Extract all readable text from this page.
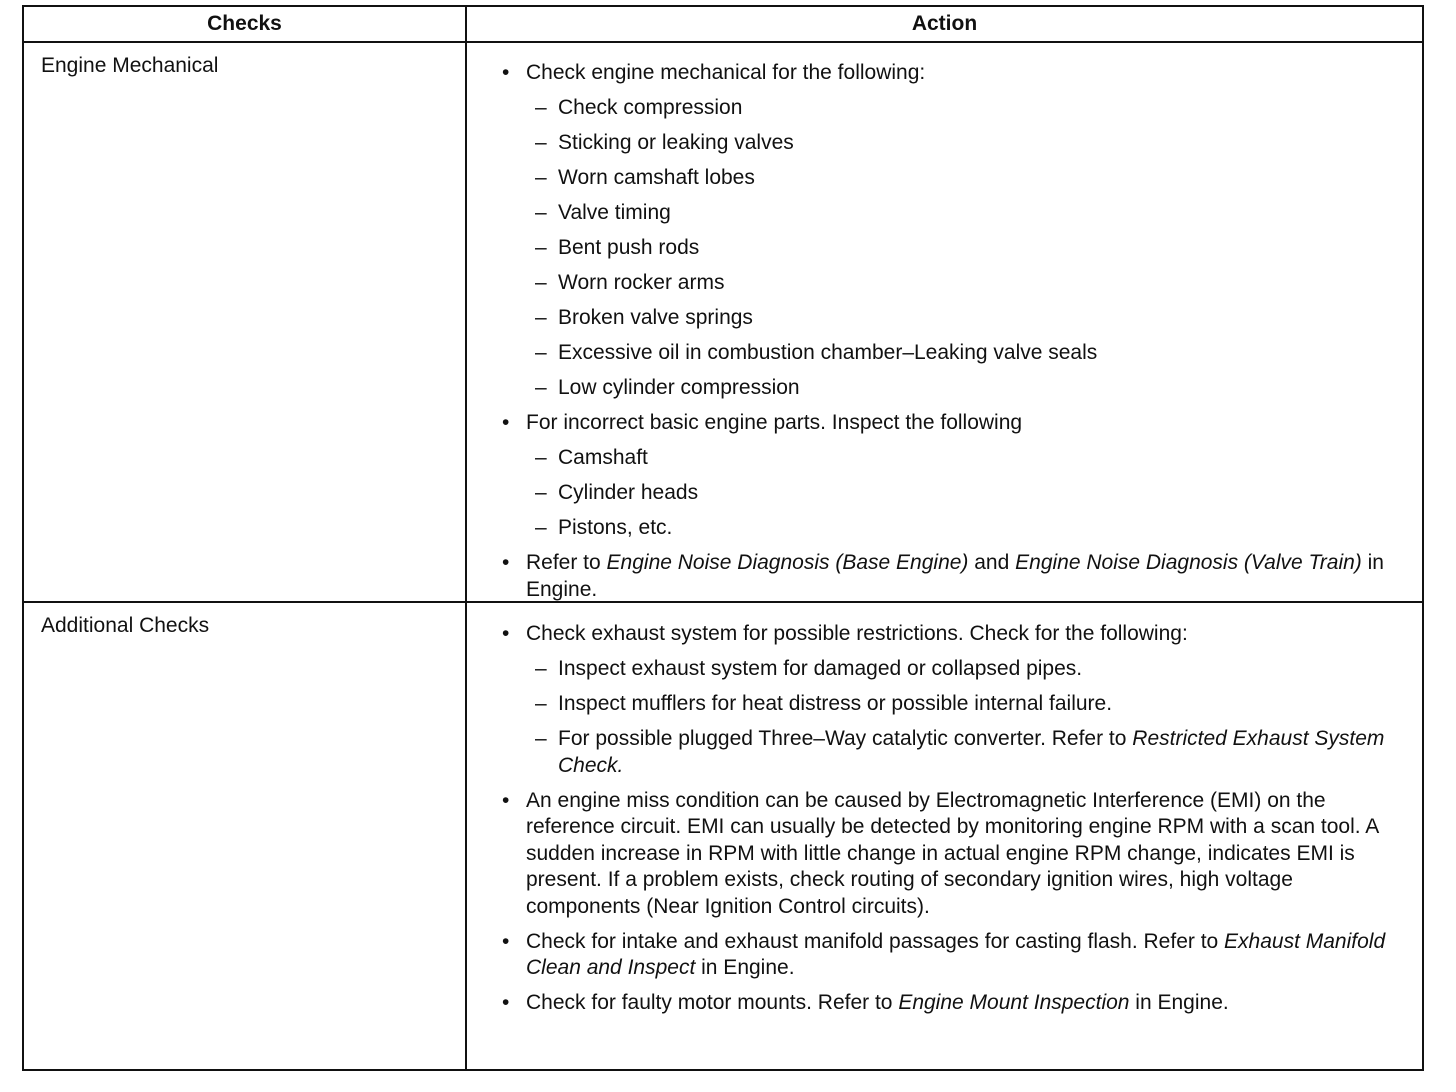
Checks	Action
Engine Mechanical	• Check engine mechanical for the following:
– Check compression
– Sticking or leaking valves
– Worn camshaft lobes
– Valve timing
– Bent push rods
– Worn rocker arms
– Broken valve springs
– Excessive oil in combustion chamber–Leaking valve seals
– Low cylinder compression
• For incorrect basic engine parts. Inspect the following
– Camshaft
– Cylinder heads
– Pistons, etc.
• Refer to Engine Noise Diagnosis (Base Engine) and Engine Noise Diagnosis (Valve Train) in Engine.
Additional Checks	• Check exhaust system for possible restrictions. Check for the following:
– Inspect exhaust system for damaged or collapsed pipes.
– Inspect mufflers for heat distress or possible internal failure.
– For possible plugged Three–Way catalytic converter. Refer to Restricted Exhaust System Check.
• An engine miss condition can be caused by Electromagnetic Interference (EMI) on the reference circuit. EMI can usually be detected by monitoring engine RPM with a scan tool. A sudden increase in RPM with little change in actual engine RPM change, indicates EMI is present. If a problem exists, check routing of secondary ignition wires, high voltage components (Near Ignition Control circuits).
• Check for intake and exhaust manifold passages for casting flash. Refer to Exhaust Manifold Clean and Inspect in Engine.
• Check for faulty motor mounts. Refer to Engine Mount Inspection in Engine.
